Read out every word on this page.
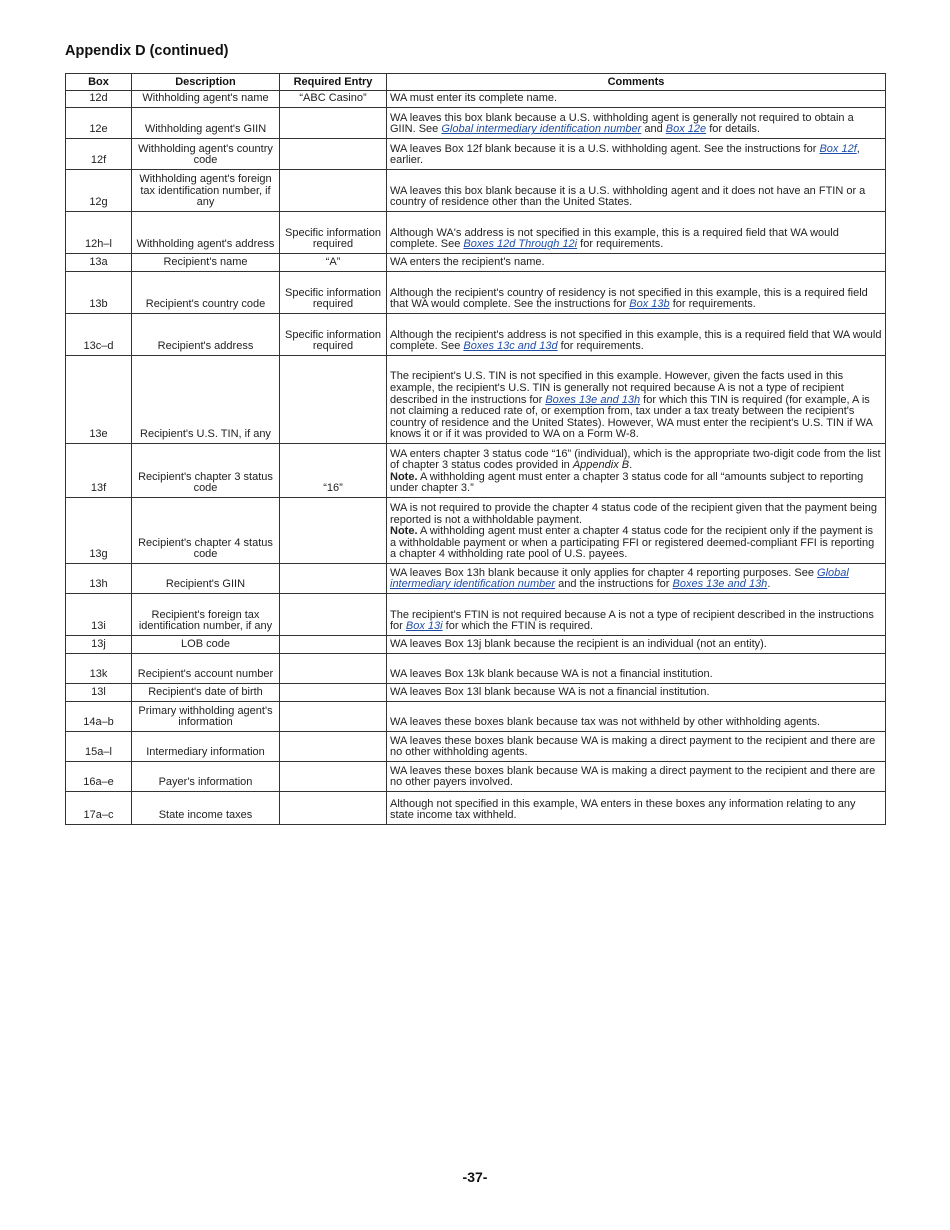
Appendix D (continued)
Box	Description	Required Entry	Comments
12d	Withholding agent's name	“ABC Casino”	WA must enter its complete name.
12e	Withholding agent's GIIN		WA leaves this box blank because a U.S. withholding agent is generally not required to obtain a GIIN. See Global intermediary identification number and Box 12e for details.
12f	Withholding agent's country code		WA leaves Box 12f blank because it is a U.S. withholding agent. See the instructions for Box 12f, earlier.
12g	Withholding agent's foreign tax identification number, if any		WA leaves this box blank because it is a U.S. withholding agent and it does not have an FTIN or a country of residence other than the United States.
12h–l	Withholding agent's address	Specific information required	Although WA's address is not specified in this example, this is a required field that WA would complete. See Boxes 12d Through 12i for requirements.
13a	Recipient's name	“A”	WA enters the recipient's name.
13b	Recipient's country code	Specific information required	Although the recipient's country of residency is not specified in this example, this is a required field that WA would complete. See the instructions for Box 13b for requirements.
13c–d	Recipient's address	Specific information required	Although the recipient's address is not specified in this example, this is a required field that WA would complete. See Boxes 13c and 13d for requirements.
13e	Recipient's U.S. TIN, if any		The recipient's U.S. TIN is not specified in this example. However, given the facts used in this example, the recipient's U.S. TIN is generally not required because A is not a type of recipient described in the instructions for Boxes 13e and 13h for which this TIN is required (for example, A is not claiming a reduced rate of, or exemption from, tax under a tax treaty between the recipient's country of residence and the United States). However, WA must enter the recipient's U.S. TIN if WA knows it or if it was provided to WA on a Form W-8.
13f	Recipient's chapter 3 status code	“16”	WA enters chapter 3 status code “16” (individual), which is the appropriate two-digit code from the list of chapter 3 status codes provided in Appendix B.
Note. A withholding agent must enter a chapter 3 status code for all “amounts subject to reporting under chapter 3.”
13g	Recipient's chapter 4 status code		WA is not required to provide the chapter 4 status code of the recipient given that the payment being reported is not a withholdable payment.
Note. A withholding agent must enter a chapter 4 status code for the recipient only if the payment is a withholdable payment or when a participating FFI or registered deemed-compliant FFI is reporting a chapter 4 withholding rate pool of U.S. payees.
13h	Recipient's GIIN		WA leaves Box 13h blank because it only applies for chapter 4 reporting purposes. See Global intermediary identification number and the instructions for Boxes 13e and 13h.
13i	Recipient's foreign tax identification number, if any		The recipient's FTIN is not required because A is not a type of recipient described in the instructions for Box 13i for which the FTIN is required.
13j	LOB code		WA leaves Box 13j blank because the recipient is an individual (not an entity).
13k	Recipient's account number		WA leaves Box 13k blank because WA is not a financial institution.
13l	Recipient's date of birth		WA leaves Box 13l blank because WA is not a financial institution.
14a–b	Primary withholding agent's information		WA leaves these boxes blank because tax was not withheld by other withholding agents.
15a–l	Intermediary information		WA leaves these boxes blank because WA is making a direct payment to the recipient and there are no other withholding agents.
16a–e	Payer's information		WA leaves these boxes blank because WA is making a direct payment to the recipient and there are no other payers involved.
17a–c	State income taxes		Although not specified in this example, WA enters in these boxes any information relating to any state income tax withheld.
-37-
